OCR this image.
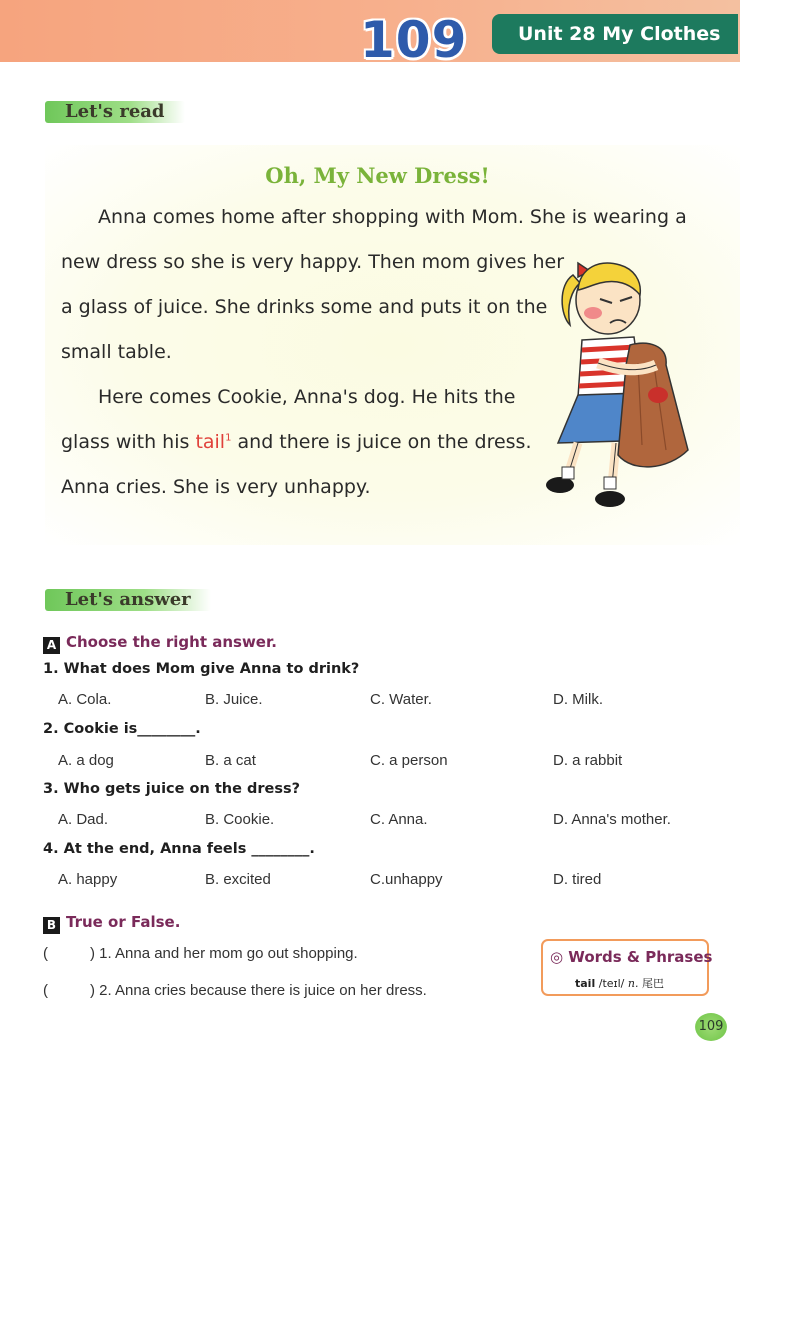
109	Unit 28 My Clothes
Let's read
Oh, My New Dress!
Anna comes home after shopping with Mom. She is wearing a
new dress so she is very happy. Then mom gives her
a glass of juice. She drinks some and puts it on the
small table.
Here comes Cookie, Anna's dog. He hits the
glass with his tail$^1$ and there is juice on the dress.
Anna cries. She is very unhappy.
Let's answer
A Choose the right answer.
1. What does Mom give Anna to drink?
A. Cola.	B. Juice.	C. Water.	D. Milk.
2. Cookie is________.
A. a dog	B. a cat	C. a person	D. a rabbit
3. Who gets juice on the dress?
A. Dad.	B. Cookie.	C. Anna.	D. Anna's mother.
4. At the end, Anna feels ________.
A. happy	B. excited	C.unhappy	D. tired
B True or False.
(	) 1. Anna and her mom go out shopping.
(	) 2. Anna cries because there is juice on her dress.
◎ Words & Phrases
tail /teɪl/ n. 尾巴
109
